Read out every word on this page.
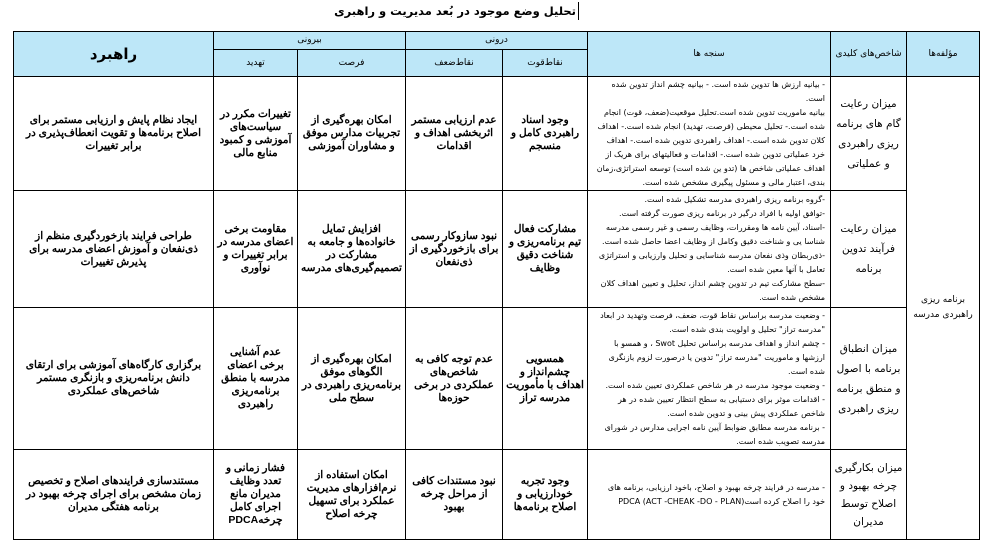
تحلیل وضع موجود در بُعد مدیریت و راهبری
مؤلفه‌ها	شاخص‌های کلیدی	سنجه ها	درونی		بیرونی		راهبرد
			نقاط‌قوت	نقاط‌ضعف	فرصت	تهدید	
برنامه ریزی راهبردی مدرسه	میزان رعایت گام های برنامه ریزی راهبردی و عملیاتی	- بیانیه ارزش ها تدوین شده است. - بیانیه چشم انداز تدوین شده است.
بیانیه ماموریت تدوین شده است.تحلیل موقعیت(ضعف، قوت) انجام شده است.- تحلیل محیطی (فرصت، تهدید) انجام شده است.- اهداف کلان تدوین شده است.- اهداف راهبردی تدوین شده است.- اهداف خرد عملیاتی تدوین شده است.- اقدامات و فعالیتهای برای هریک از اهداف عملیاتی شاخص ها (تدو ین شده است) توسعه استراتژی،زمان بندی، اعتبار مالی و مسئول پیگیری مشخص شده است.	وجود اسناد راهبردی کامل و منسجم	عدم ارزیابی مستمر اثربخشی اهداف و اقدامات	امکان بهره‌گیری از تجربیات مدارس موفق و مشاوران آموزشی	تغییرات مکرر در سیاست‌های آموزشی و کمبود منابع مالی	ایجاد نظام پایش و ارزیابی مستمر برای اصلاح برنامه‌ها و تقویت انعطاف‌پذیری در برابر تغییرات
	میزان رعایت فرآیند تدوین برنامه	-گروه برنامه ریزی راهبردی مدرسه تشکیل شده است.
-توافق اولیه با افراد درگیر در برنامه ریزی صورت گرفته است.
-اسناد، آیین نامه ها ومقررات، وظایف رسمی و غیر رسمی مدرسه شناسا یی و شناخت دقیق وکامل از وظایف اعضا حاصل شده است.
-ذی‌ربطان وذی نفعان مدرسه شناسایی و تحلیل وارزیابی و استراتژی تعامل با آنها معین شده است.
-سطح مشارکت تیم در تدوین چشم انداز، تحلیل و تعیین اهداف کلان مشخص شده است.	مشارکت فعال تیم برنامه‌ریزی و شناخت دقیق وظایف	نبود سازوکار رسمی برای بازخوردگیری از ذی‌نفعان	افزایش تمایل خانواده‌ها و جامعه به مشارکت در تصمیم‌گیری‌های مدرسه	مقاومت برخی اعضای مدرسه در برابر تغییرات و نوآوری	طراحی فرایند بازخوردگیری منظم از ذی‌نفعان و آموزش اعضای مدرسه برای پذیرش تغییرات
	میزان انطباق برنامه با اصول و منطق برنامه ریزی راهبردی	- وضعیت مدرسه براساس نقاط قوت، ضعف، فرصت وتهدید در ابعاد "مدرسه تراز" تحلیل و اولویت بندی شده است.
- چشم انداز و اهداف مدرسه براساس تحلیل Swot ، و همسو با ارزشها و ماموریت "مدرسه تراز" تدوین یا درصورت لزوم بازنگری شده است.
- وضعیت موجود مدرسه در هر شاخص عملکردی تعیین شده است.
- اقدامات موثر برای دستیابی به سطح انتظار تعیین شده در هر شاخص عملکردی پیش بینی و تدوین شده است.
- برنامه مدرسه مطابق ضوابط آیین نامه اجرایی مدارس در شورای مدرسه تصویب شده است.	همسویی چشم‌انداز و اهداف با مأموریت مدرسه تراز	عدم توجه کافی به شاخص‌های عملکردی در برخی حوزه‌ها	امکان بهره‌گیری از الگوهای موفق برنامه‌ریزی راهبردی در سطح ملی	عدم آشنایی برخی اعضای مدرسه با منطق برنامه‌ریزی راهبردی	برگزاری کارگاه‌های آموزشی برای ارتقای دانش برنامه‌ریزی و بازنگری مستمر شاخص‌های عملکردی
	میزان بکارگیری چرخه بهبود و اصلاح توسط مدیران	- مدرسه در فرایند چرخه بهبود و اصلاح، باخود ارزیابی، برنامه های خود را اصلاح کرده استPDCA (ACT -CHEAK -DO - PLAN)	وجود تجربه خودارزیابی و اصلاح برنامه‌ها	نبود مستندات کافی از مراحل چرخه بهبود	امکان استفاده از نرم‌افزارهای مدیریت عملکرد برای تسهیل چرخه اصلاح	فشار زمانی و تعدد وظایف مدیران مانع اجرای کامل چرخهPDCA	مستندسازی فرایندهای اصلاح و تخصیص زمان مشخص برای اجرای چرخه بهبود در برنامه هفتگی مدیران
